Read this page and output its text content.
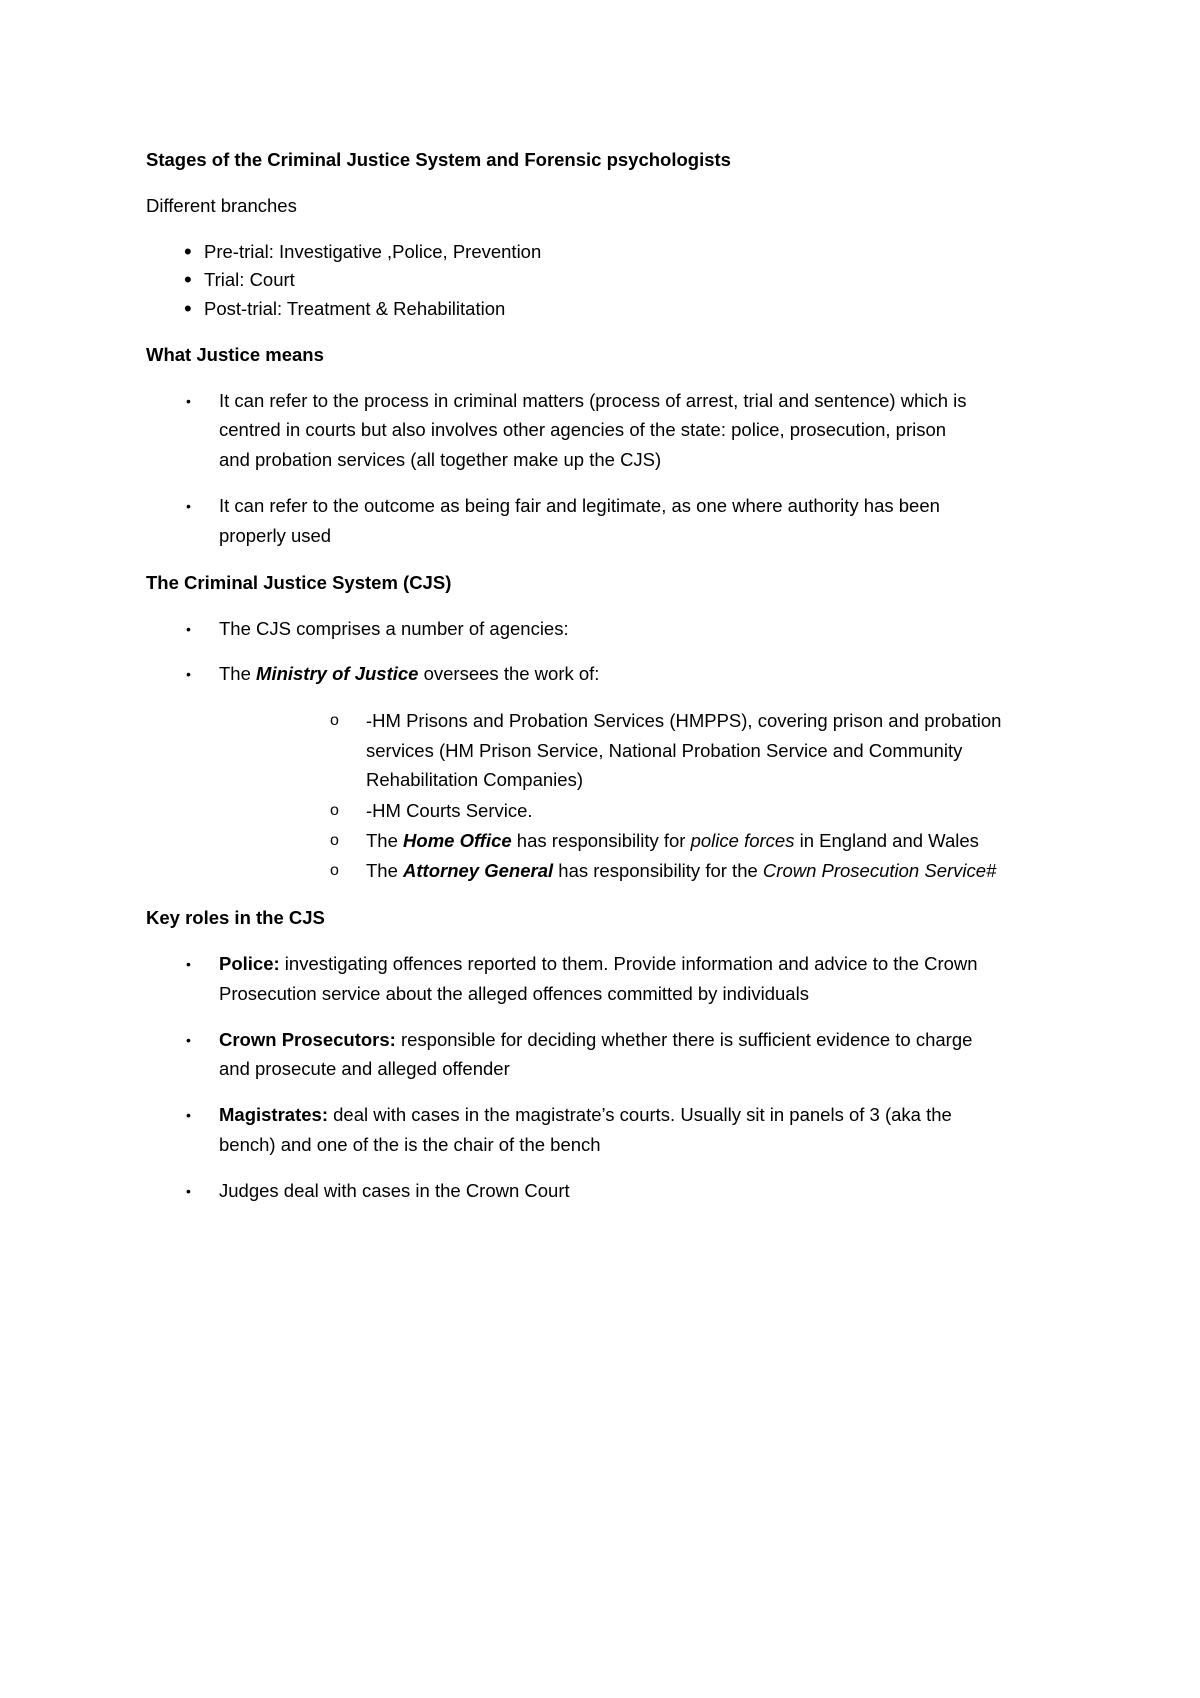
Stages of the Criminal Justice System and Forensic psychologists
Different branches
• Pre-trial: Investigative ,Police, Prevention
• Trial: Court
• Post-trial: Treatment & Rehabilitation
What Justice means
• It can refer to the process in criminal matters (process of arrest, trial and sentence) which is
centred in courts but also involves other agencies of the state: police, prosecution, prison
and probation services (all together make up the CJS)
• It can refer to the outcome as being fair and legitimate, as one where authority has been
properly used
The Criminal Justice System (CJS)
• The CJS comprises a number of agencies:
• The Ministry of Justice oversees the work of:
o -HM Prisons and Probation Services (HMPPS), covering prison and probation
services (HM Prison Service, National Probation Service and Community
Rehabilitation Companies)
o -HM Courts Service.
o The Home Office has responsibility for police forces in England and Wales
o The Attorney General has responsibility for the Crown Prosecution Service#
Key roles in the CJS
• Police: investigating offences reported to them. Provide information and advice to the Crown
Prosecution service about the alleged offences committed by individuals
• Crown Prosecutors: responsible for deciding whether there is sufficient evidence to charge
and prosecute and alleged offender
• Magistrates: deal with cases in the magistrate’s courts. Usually sit in panels of 3 (aka the
bench) and one of the is the chair of the bench
• Judges deal with cases in the Crown Court
